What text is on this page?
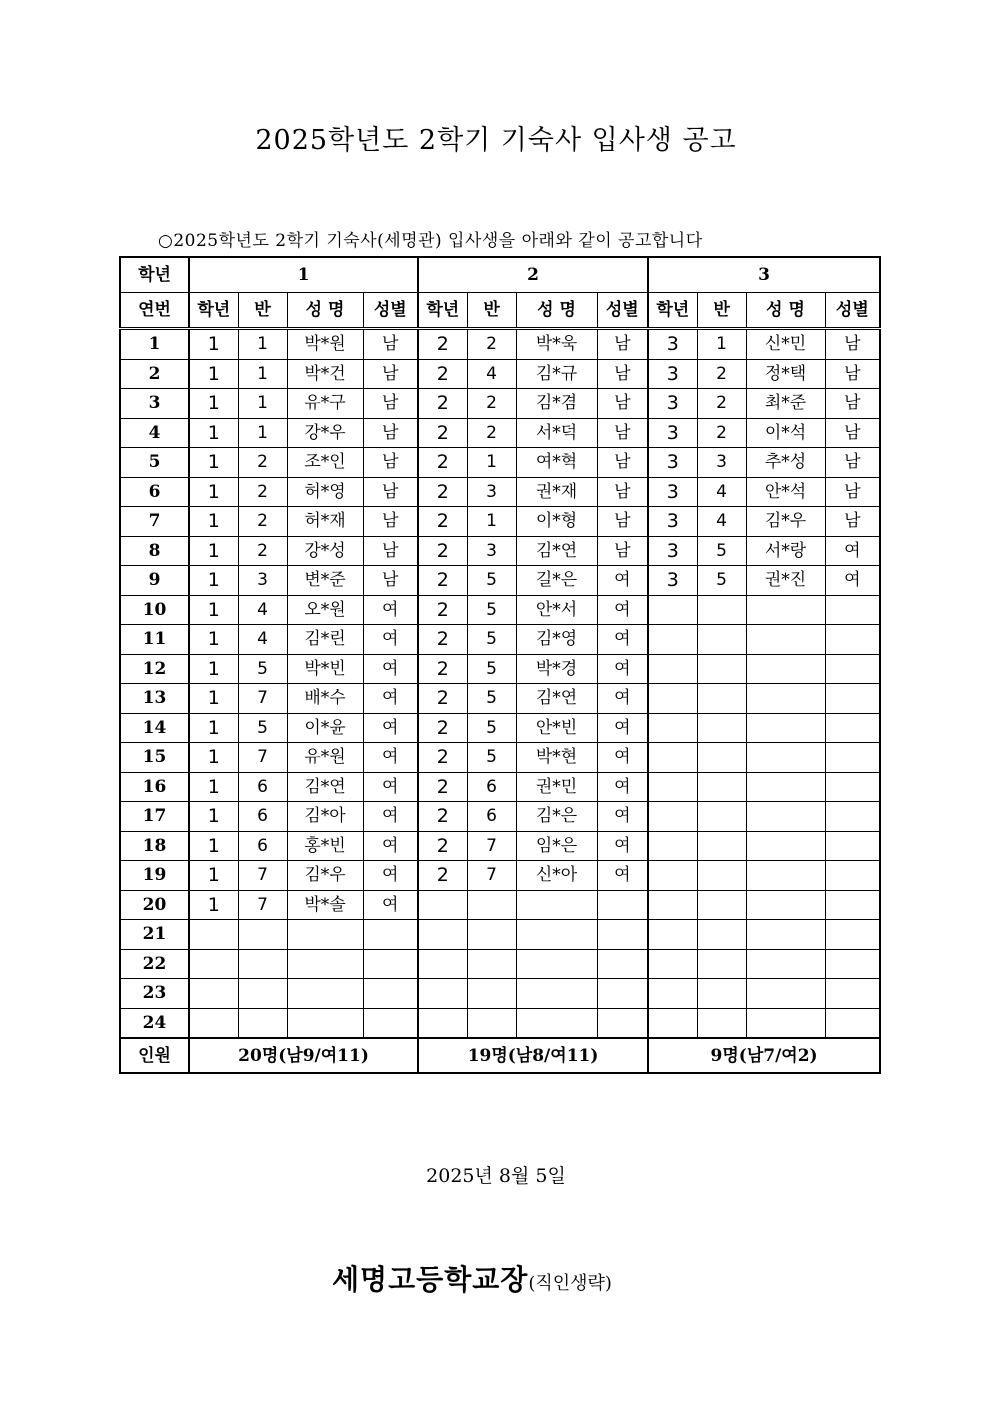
2025학년도 2학기 기숙사 입사생 공고
○2025학년도 2학기 기숙사(세명관) 입사생을 아래와 같이 공고합니다
학년	1				2				3			
연번	학년	반	성 명	성별	학년	반	성 명	성별	학년	반	성 명	성별
1	1	1	박*원	남	2	2	박*욱	남	3	1	신*민	남
2	1	1	박*건	남	2	4	김*규	남	3	2	정*택	남
3	1	1	유*구	남	2	2	김*겸	남	3	2	최*준	남
4	1	1	강*우	남	2	2	서*덕	남	3	2	이*석	남
5	1	2	조*인	남	2	1	여*혁	남	3	3	추*성	남
6	1	2	허*영	남	2	3	권*재	남	3	4	안*석	남
7	1	2	허*재	남	2	1	이*형	남	3	4	김*우	남
8	1	2	강*성	남	2	3	김*연	남	3	5	서*랑	여
9	1	3	변*준	남	2	5	길*은	여	3	5	권*진	여
10	1	4	오*원	여	2	5	안*서	여				
11	1	4	김*린	여	2	5	김*영	여				
12	1	5	박*빈	여	2	5	박*경	여				
13	1	7	배*수	여	2	5	김*연	여				
14	1	5	이*윤	여	2	5	안*빈	여				
15	1	7	유*원	여	2	5	박*현	여				
16	1	6	김*연	여	2	6	권*민	여				
17	1	6	김*아	여	2	6	김*은	여				
18	1	6	홍*빈	여	2	7	임*은	여				
19	1	7	김*우	여	2	7	신*아	여				
20	1	7	박*솔	여								
21												
22												
23												
24												
인원	20명(남9/여11)				19명(남8/여11)				9명(남7/여2)			
2025년 8월 5일
세명고등학교장(직인생략)
